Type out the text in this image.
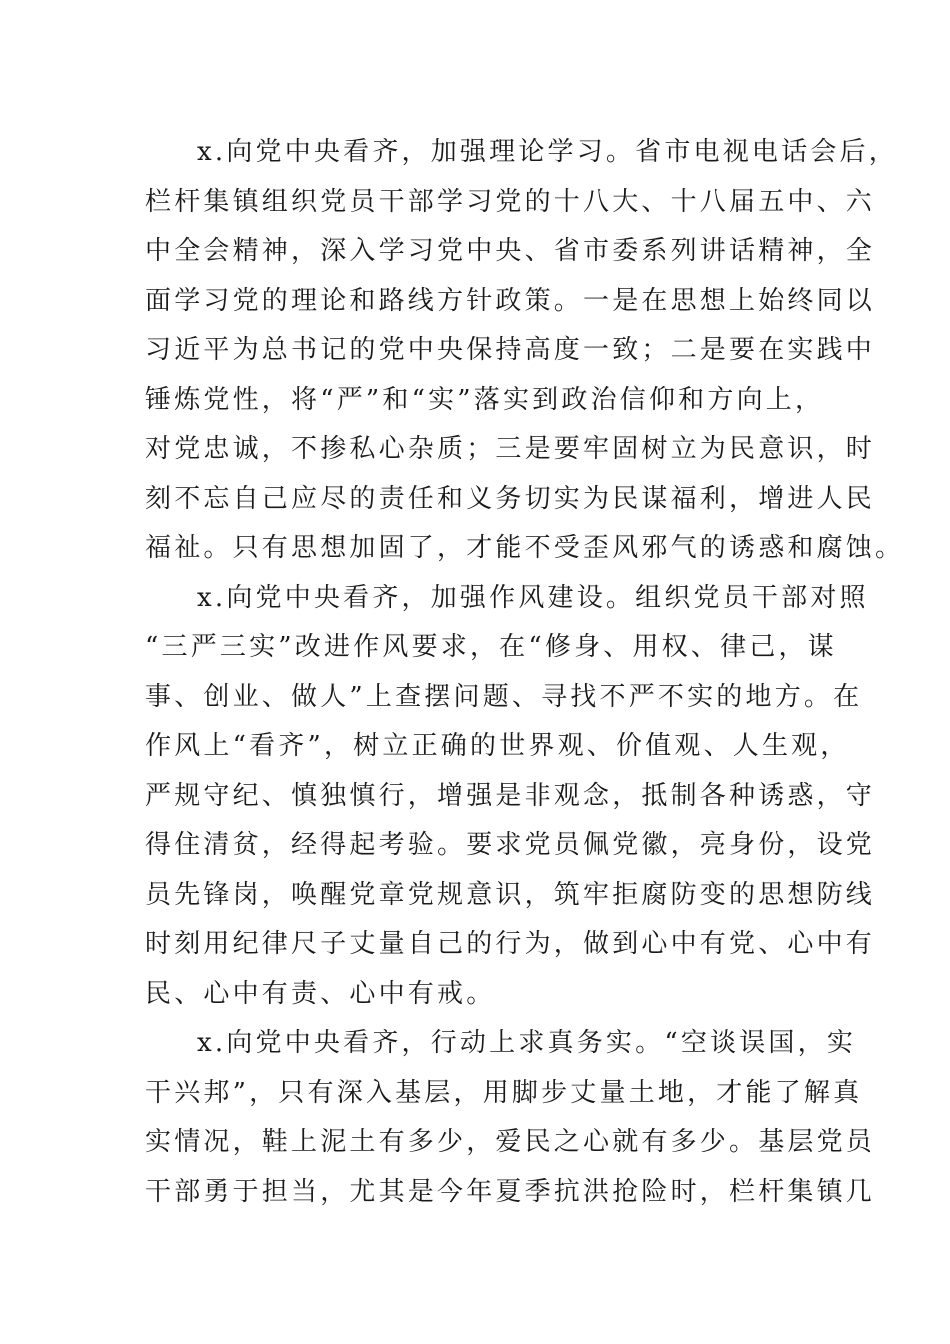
x.向党中央看齐，加强理论学习。省市电视电话会后，
栏杆集镇组织党员干部学习党的十八大、十八届五中、六
中全会精神，深入学习党中央、省市委系列讲话精神，全
面学习党的理论和路线方针政策。一是在思想上始终同以
习近平为总书记的党中央保持高度一致；二是要在实践中
锤炼党性，将“严”和“实”落实到政治信仰和方向上，
对党忠诚，不掺私心杂质；三是要牢固树立为民意识，时
刻不忘自己应尽的责任和义务切实为民谋福利，增进人民
福祉。只有思想加固了，才能不受歪风邪气的诱惑和腐蚀。
x.向党中央看齐，加强作风建设。组织党员干部对照
“三严三实”改进作风要求，在“修身、用权、律己，谋
事、创业、做人”上查摆问题、寻找不严不实的地方。在
作风上“看齐”，树立正确的世界观、价值观、人生观，
严规守纪、慎独慎行，增强是非观念，抵制各种诱惑，守
得住清贫，经得起考验。要求党员佩党徽，亮身份，设党
员先锋岗，唤醒党章党规意识，筑牢拒腐防变的思想防线
时刻用纪律尺子丈量自己的行为，做到心中有党、心中有
民、心中有责、心中有戒。
x.向党中央看齐，行动上求真务实。“空谈误国，实
干兴邦”，只有深入基层，用脚步丈量土地，才能了解真
实情况，鞋上泥土有多少，爱民之心就有多少。基层党员
干部勇于担当，尤其是今年夏季抗洪抢险时，栏杆集镇几
